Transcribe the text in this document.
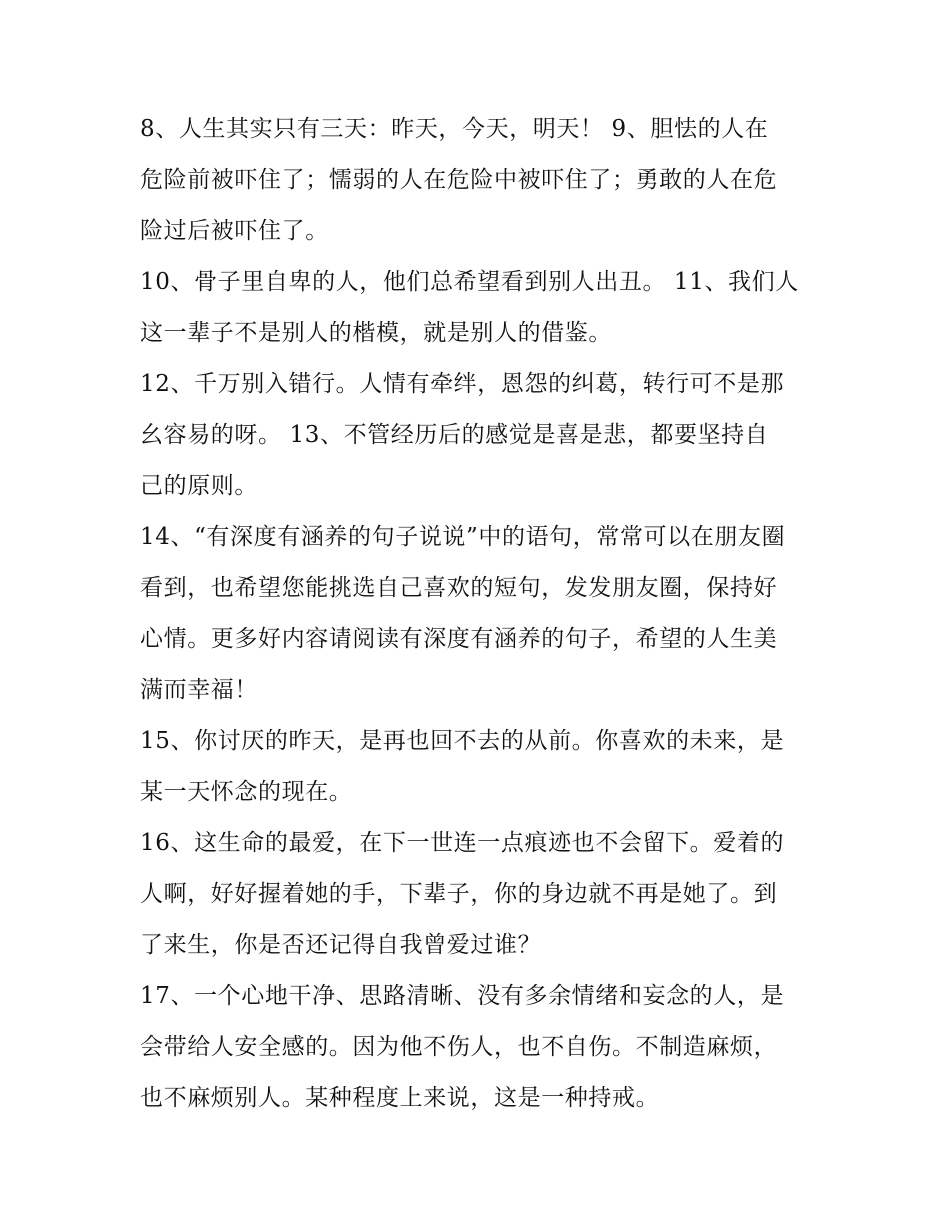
8、人生其实只有三天：昨天，今天，明天！ 9、胆怯的人在
危险前被吓住了；懦弱的人在危险中被吓住了；勇敢的人在危
险过后被吓住了。

10、骨子里自卑的人，他们总希望看到别人出丑。 11、我们人
这一辈子不是别人的楷模，就是别人的借鉴。

12、千万别入错行。人情有牵绊，恩怨的纠葛，转行可不是那
幺容易的呀。 13、不管经历后的感觉是喜是悲，都要坚持自
己的原则。

14、“有深度有涵养的句子说说”中的语句，常常可以在朋友圈
看到，也希望您能挑选自己喜欢的短句，发发朋友圈，保持好
心情。更多好内容请阅读有深度有涵养的句子，希望的人生美
满而幸福！

15、你讨厌的昨天，是再也回不去的从前。你喜欢的未来，是
某一天怀念的现在。

16、这生命的最爱，在下一世连一点痕迹也不会留下。爱着的
人啊，好好握着她的手，下辈子，你的身边就不再是她了。到
了来生，你是否还记得自我曾爱过谁？

17、一个心地干净、思路清晰、没有多余情绪和妄念的人，是
会带给人安全感的。因为他不伤人，也不自伤。不制造麻烦，
也不麻烦别人。某种程度上来说，这是一种持戒。
